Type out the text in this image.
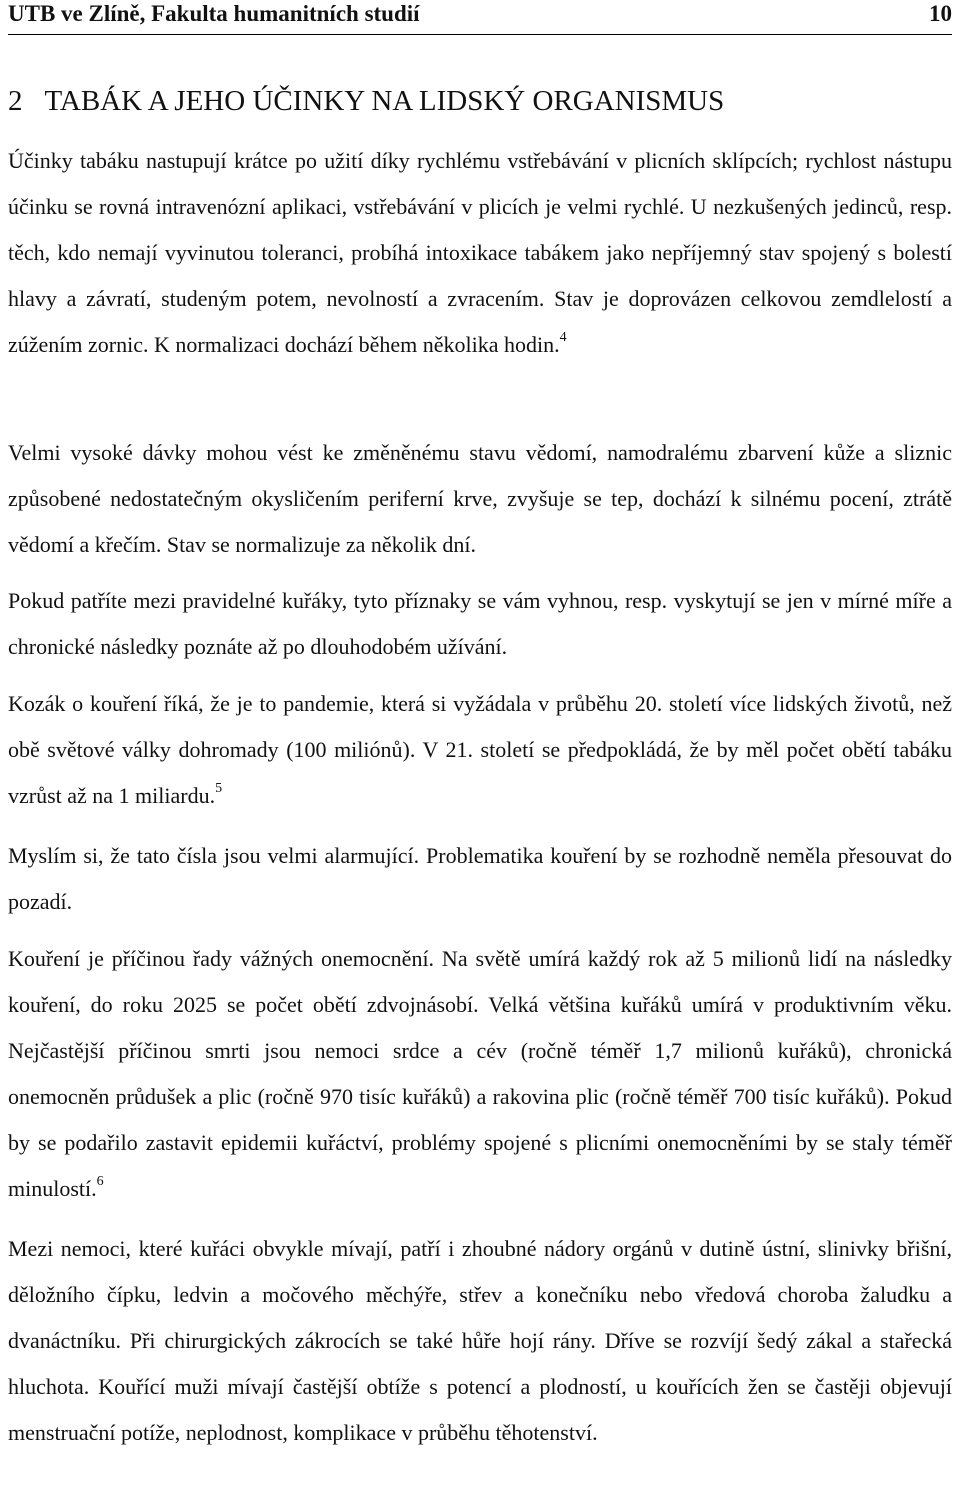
UTB ve Zlíně, Fakulta humanitních studií	10
2 TABÁK A JEHO ÚČINKY NA LIDSKÝ ORGANISMUS

Účinky tabáku nastupují krátce po užití díky rychlému vstřebávání v plicních sklípcích; rychlost nástupu účinku se rovná intravenózní aplikaci, vstřebávání v plicích je velmi rychlé. U nezkušených jedinců, resp. těch, kdo nemají vyvinutou toleranci, probíhá intoxikace tabákem jako nepříjemný stav spojený s bolestí hlavy a závratí, studeným potem, nevolností a zvracením. Stav je doprovázen celkovou zemdlelostí a zúžením zornic. K normalizaci dochází během několika hodin.$^4$

Velmi vysoké dávky mohou vést ke změněnému stavu vědomí, namodralému zbarvení kůže a sliznic způsobené nedostatečným okysličením periferní krve, zvyšuje se tep, dochází k silnému pocení, ztrátě vědomí a křečím. Stav se normalizuje za několik dní.

Pokud patříte mezi pravidelné kuřáky, tyto příznaky se vám vyhnou, resp. vyskytují se jen v mírné míře a chronické následky poznáte až po dlouhodobém užívání.

Kozák o kouření říká, že je to pandemie, která si vyžádala v průběhu 20. století více lidských životů, než obě světové války dohromady (100 miliónů). V 21. století se předpokládá, že by měl počet obětí tabáku vzrůst až na 1 miliardu.$^5$

Myslím si, že tato čísla jsou velmi alarmující. Problematika kouření by se rozhodně neměla přesouvat do pozadí.

Kouření je příčinou řady vážných onemocnění. Na světě umírá každý rok až 5 milionů lidí na následky kouření, do roku 2025 se počet obětí zdvojnásobí. Velká většina kuřáků umírá v produktivním věku. Nejčastější příčinou smrti jsou nemoci srdce a cév (ročně téměř 1,7 milionů kuřáků), chronická onemocněn průdušek a plic (ročně 970 tisíc kuřáků) a rakovina plic (ročně téměř 700 tisíc kuřáků). Pokud by se podařilo zastavit epidemii kuřáctví, problémy spojené s plicními onemocněními by se staly téměř minulostí.$^6$

Mezi nemoci, které kuřáci obvykle mívají, patří i zhoubné nádory orgánů v dutině ústní, slinivky břišní, děložního čípku, ledvin a močového měchýře, střev a konečníku nebo vředová choroba žaludku a dvanáctníku. Při chirurgických zákrocích se také hůře hojí rány. Dříve se rozvíjí šedý zákal a stařecká hluchota. Kouřící muži mívají častější obtíže s potencí a plodností, u kouřících žen se častěji objevují menstruační potíže, neplodnost, komplikace v průběhu těhotenství.
